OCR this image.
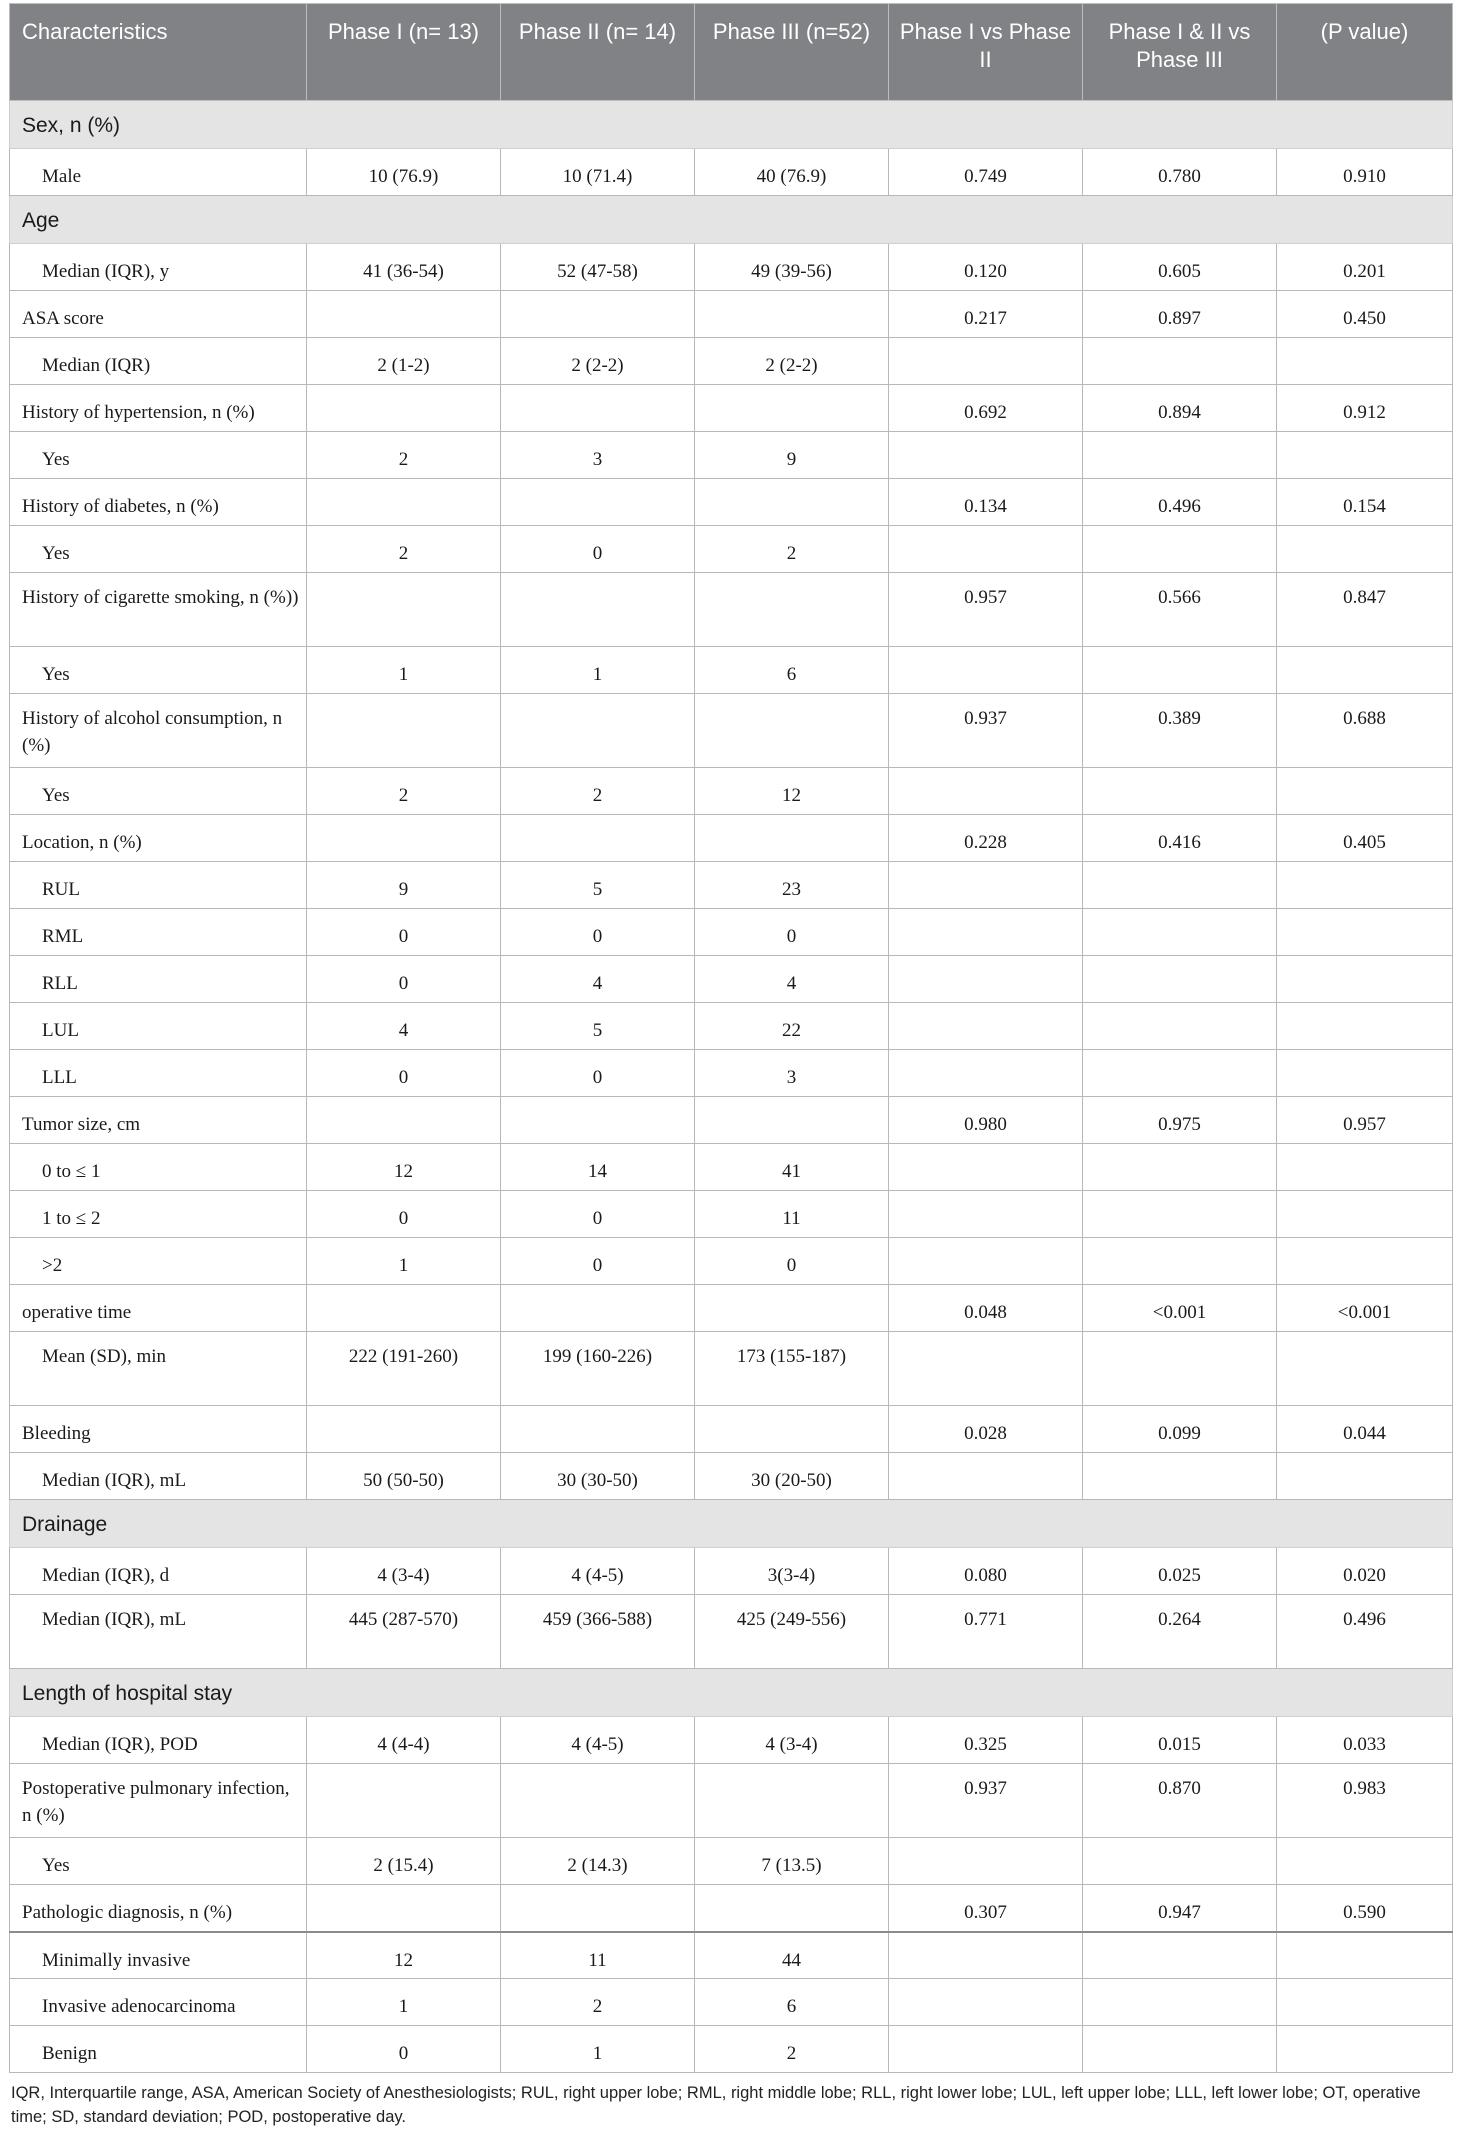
Characteristics	Phase I (n= 13)	Phase II (n= 14)	Phase III (n=52)	Phase I vs Phase II	Phase I & II vs Phase III	(P value)
Sex, n (%)						
Male	10 (76.9)	10 (71.4)	40 (76.9)	0.749	0.780	0.910
Age						
Median (IQR), y	41 (36-54)	52 (47-58)	49 (39-56)	0.120	0.605	0.201
ASA score				0.217	0.897	0.450
Median (IQR)	2 (1-2)	2 (2-2)	2 (2-2)			
History of hypertension, n (%)				0.692	0.894	0.912
Yes	2	3	9			
History of diabetes, n (%)				0.134	0.496	0.154
Yes	2	0	2			
History of cigarette smoking, n (%))				0.957	0.566	0.847
Yes	1	1	6			
History of alcohol consumption, n (%)				0.937	0.389	0.688
Yes	2	2	12			
Location, n (%)				0.228	0.416	0.405
RUL	9	5	23			
RML	0	0	0			
RLL	0	4	4			
LUL	4	5	22			
LLL	0	0	3			
Tumor size, cm				0.980	0.975	0.957
0 to ≤ 1	12	14	41			
1 to ≤ 2	0	0	11			
>2	1	0	0			
operative time				0.048	<0.001	<0.001
Mean (SD), min	222 (191-260)	199 (160-226)	173 (155-187)			
Bleeding				0.028	0.099	0.044
Median (IQR), mL	50 (50-50)	30 (30-50)	30 (20-50)			
Drainage						
Median (IQR), d	4 (3-4)	4 (4-5)	3(3-4)	0.080	0.025	0.020
Median (IQR), mL	445 (287-570)	459 (366-588)	425 (249-556)	0.771	0.264	0.496
Length of hospital stay						
Median (IQR), POD	4 (4-4)	4 (4-5)	4 (3-4)	0.325	0.015	0.033
Postoperative pulmonary infection, n (%)				0.937	0.870	0.983
Yes	2 (15.4)	2 (14.3)	7 (13.5)			
Pathologic diagnosis, n (%)				0.307	0.947	0.590
Minimally invasive	12	11	44			
Invasive adenocarcinoma	1	2	6			
Benign	0	1	2			
IQR, Interquartile range, ASA, American Society of Anesthesiologists; RUL, right upper lobe; RML, right middle lobe; RLL, right lower lobe; LUL, left upper lobe; LLL, left lower lobe; OT, operative time; SD, standard deviation; POD, postoperative day.
